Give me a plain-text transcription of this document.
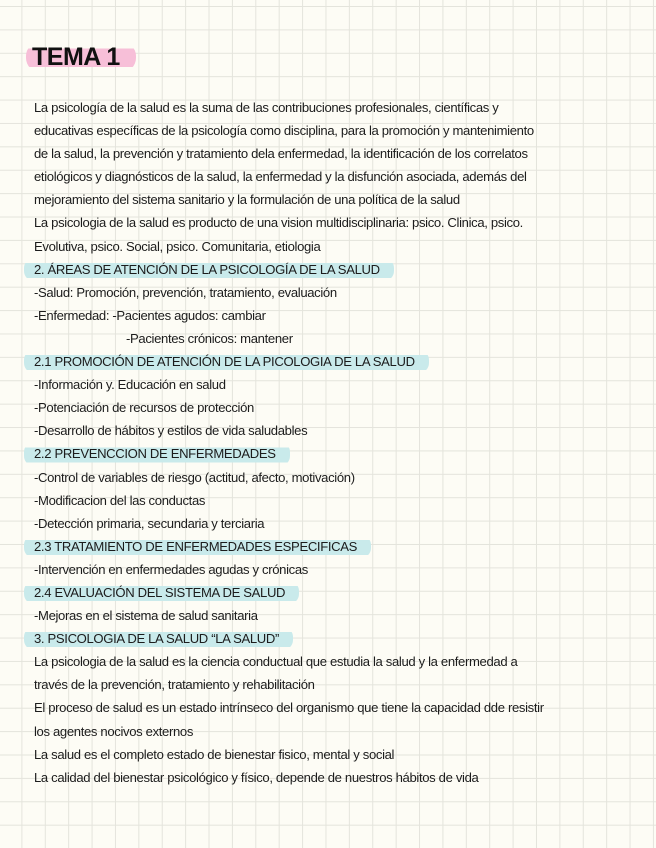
TEMA 1
La psicología de la salud es la suma de las contribuciones profesionales, científicas y
educativas específicas de la psicología como disciplina, para la promoción y mantenimiento
de la salud, la prevención y tratamiento dela enfermedad, la identificación de los correlatos
etiológicos y diagnósticos de la salud, la enfermedad y la disfunción asociada, además del
mejoramiento del sistema sanitario y la formulación de una política de la salud
La psicologia de la salud es producto de una vision multidisciplinaria: psico. Clinica, psico.
Evolutiva, psico. Social, psico. Comunitaria, etiologia
2. ÁREAS DE ATENCIÓN DE LA PSICOLOGÍA DE LA SALUD
-Salud: Promoción, prevención, tratamiento, evaluación
-Enfermedad: -Pacientes agudos: cambiar
-Pacientes crónicos: mantener
2.1 PROMOCIÓN DE ATENCIÓN DE LA PICOLOGIA DE LA SALUD
-Información y. Educación en salud
-Potenciación de recursos de protección
-Desarrollo de hábitos y estilos de vida saludables
2.2 PREVENCCION DE ENFERMEDADES
-Control de variables de riesgo (actitud, afecto, motivación)
-Modificacion del las conductas
-Detección primaria, secundaria y terciaria
2.3 TRATAMIENTO DE ENFERMEDADES ESPECIFICAS
-Intervención en enfermedades agudas y crónicas
2.4 EVALUACIÓN DEL SISTEMA DE SALUD
-Mejoras en el sistema de salud sanitaria
3. PSICOLOGIA DE LA SALUD “LA SALUD”
La psicologia de la salud es la ciencia conductual que estudia la salud y la enfermedad a
través de la prevención, tratamiento y rehabilitación
El proceso de salud es un estado intrínseco del organismo que tiene la capacidad dde resistir
los agentes nocivos externos
La salud es el completo estado de bienestar fisico, mental y social
La calidad del bienestar psicológico y físico, depende de nuestros hábitos de vida
